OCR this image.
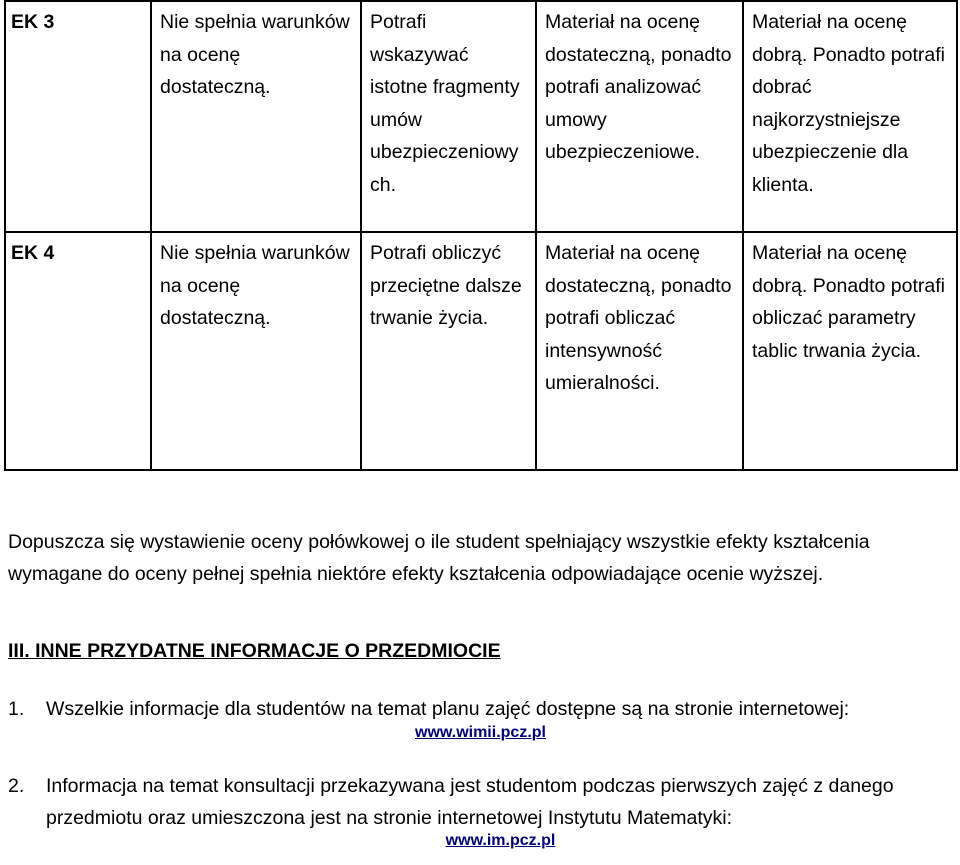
EK 3	Nie spełnia warunków na ocenę dostateczną.	Potrafi wskazywać istotne fragmenty umów ubezpieczeniowy ch.	Materiał na ocenę dostateczną, ponadto potrafi analizować umowy ubezpieczeniowe.	Materiał na ocenę dobrą. Ponadto potrafi dobrać najkorzystniejsze ubezpieczenie dla klienta.
EK 4	Nie spełnia warunków na ocenę dostateczną.	Potrafi obliczyć przeciętne dalsze trwanie życia.	Materiał na ocenę dostateczną, ponadto potrafi obliczać intensywność umieralności.	Materiał na ocenę dobrą. Ponadto potrafi obliczać parametry tablic trwania życia.
Dopuszcza się wystawienie oceny połówkowej o ile student spełniający wszystkie efekty kształcenia wymagane do oceny pełnej spełnia niektóre efekty kształcenia odpowiadające ocenie wyższej.
III. INNE PRZYDATNE INFORMACJE O PRZEDMIOCIE
1. Wszelkie informacje dla studentów na temat planu zajęć dostępne są na stronie internetowej:
www.wimii.pcz.pl
2. Informacja na temat konsultacji przekazywana jest studentom podczas pierwszych zajęć z danego przedmiotu oraz umieszczona jest na stronie internetowej Instytutu Matematyki:
www.im.pcz.pl
